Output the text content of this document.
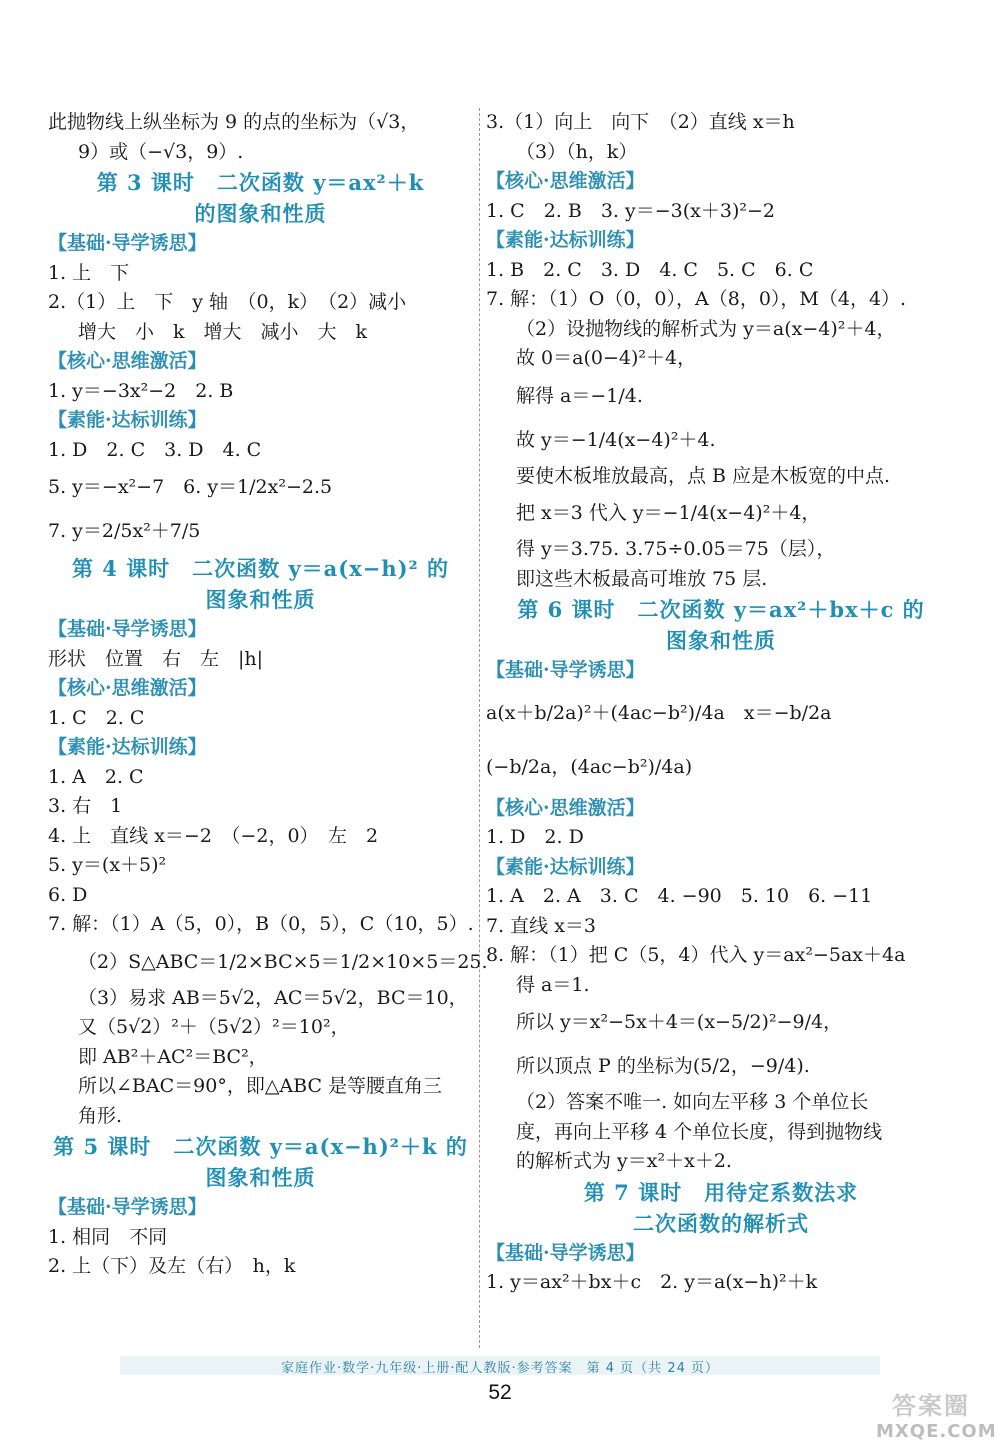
此抛物线上纵坐标为 9 的点的坐标为（√3，
9）或（−√3，9）.
第 3 课时　二次函数 y＝ax²＋k
的图象和性质
【基础·导学诱思】
1. 上　下
2.（1）上　下　y 轴　（0，k）　（2）减小
增大　小　k　增大　减小　大　k
【核心·思维激活】
1. y＝−3x²−2　2. B
【素能·达标训练】
1. D　2. C　3. D　4. C
5. y＝−x²−7　6. y＝1/2x²−2.5
7. y＝2/5x²＋7/5
第 4 课时　二次函数 y＝a(x−h)² 的
图象和性质
【基础·导学诱思】
形状　位置　右　左　|h|
【核心·思维激活】
1. C　2. C
【素能·达标训练】
1. A　2. C
3. 右　1
4. 上　直线 x＝−2　（−2，0）　左　2
5. y＝(x＋5)²
6. D
7. 解：（1）A（5，0），B（0，5），C（10，5）.
（2）S△ABC＝1/2×BC×5＝1/2×10×5＝25.
（3）易求 AB＝5√2，AC＝5√2，BC＝10，
又（5√2）²＋（5√2）²＝10²，
即 AB²＋AC²＝BC²，
所以∠BAC＝90°，即△ABC 是等腰直角三
角形.
第 5 课时　二次函数 y＝a(x−h)²＋k 的
图象和性质
【基础·导学诱思】
1. 相同　不同
2. 上（下）及左（右）　h，k
3.（1）向上　向下　（2）直线 x＝h
（3）（h，k）
【核心·思维激活】
1. C　2. B　3. y＝−3(x＋3)²−2
【素能·达标训练】
1. B　2. C　3. D　4. C　5. C　6. C
7. 解：（1）O（0，0），A（8，0），M（4，4）.
（2）设抛物线的解析式为 y＝a(x−4)²＋4，
故 0＝a(0−4)²＋4，
解得 a＝−1/4.
故 y＝−1/4(x−4)²＋4.
要使木板堆放最高，点 B 应是木板宽的中点.
把 x＝3 代入 y＝−1/4(x−4)²＋4，
得 y＝3.75. 3.75÷0.05＝75（层），
即这些木板最高可堆放 75 层.
第 6 课时　二次函数 y＝ax²＋bx＋c 的
图象和性质
【基础·导学诱思】
a(x＋b/2a)²＋(4ac−b²)/4a　x＝−b/2a
(−b/2a，(4ac−b²)/4a)
【核心·思维激活】
1. D　2. D
【素能·达标训练】
1. A　2. A　3. C　4. −90　5. 10　6. −11
7. 直线 x＝3
8. 解：（1）把 C（5，4）代入 y＝ax²−5ax＋4a
得 a＝1.
所以 y＝x²−5x＋4＝(x−5/2)²−9/4，
所以顶点 P 的坐标为(5/2，−9/4).
（2）答案不唯一. 如向左平移 3 个单位长
度，再向上平移 4 个单位长度，得到抛物线
的解析式为 y＝x²＋x＋2.
第 7 课时　用待定系数法求
二次函数的解析式
【基础·导学诱思】
1. y＝ax²＋bx＋c　2. y＝a(x−h)²＋k
家庭作业·数学·九年级·上册·配人教版·参考答案　第 4 页（共 24 页）
52	答案圈
MXQE.COM
